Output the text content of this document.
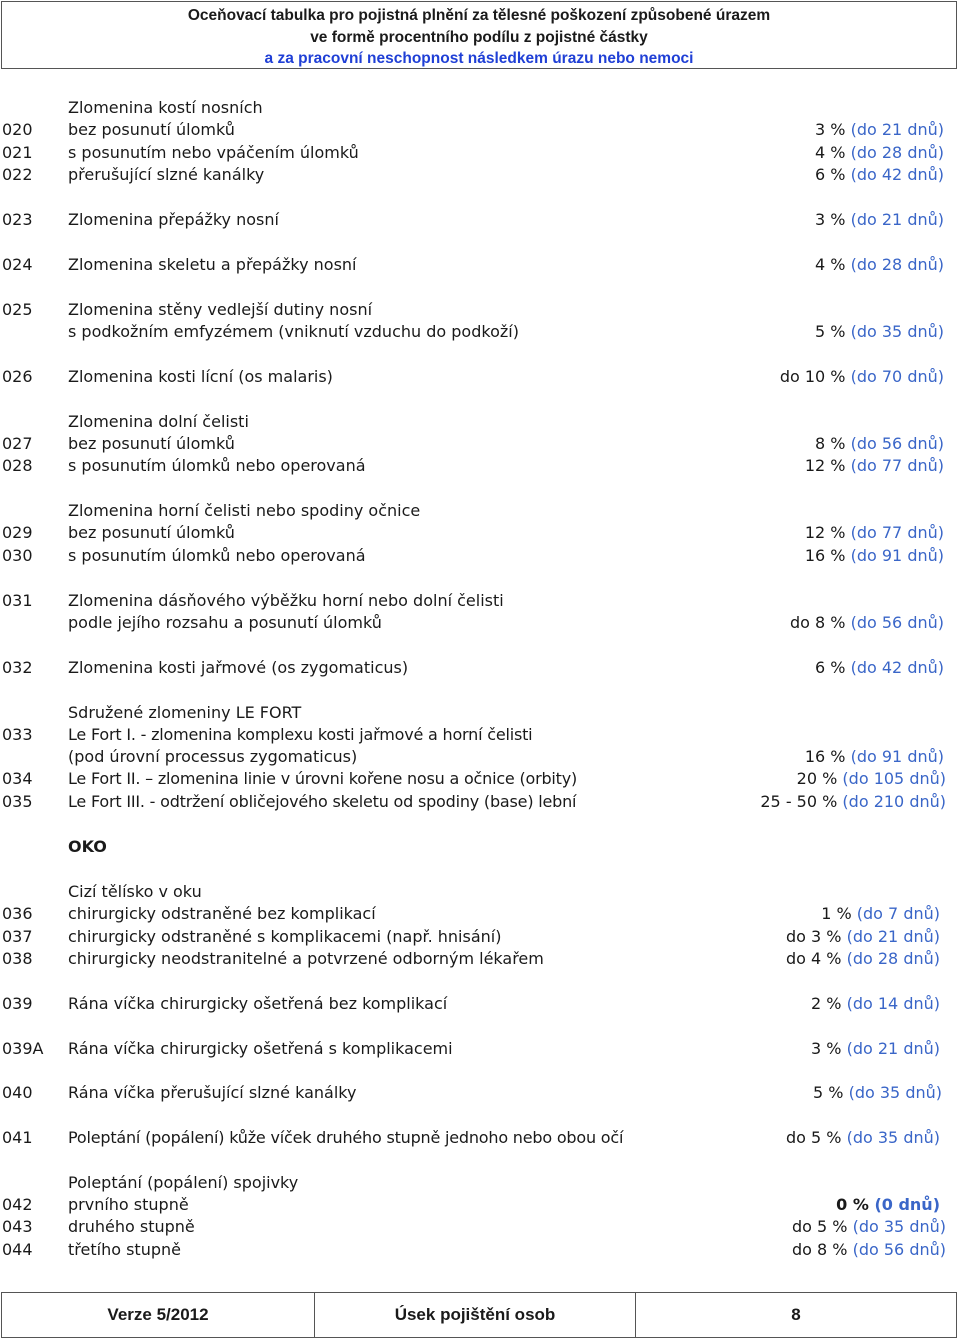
Oceňovací tabulka pro pojistná plnění za tělesné poškození způsobené úrazem
ve formě procentního podílu z pojistné částky
a za pracovní neschopnost následkem úrazu nebo nemoci
Zlomenina kostí nosních
020 bez posunutí úlomků	3 % (do 21 dnů)
021 s posunutím nebo vpáčením úlomků	4 % (do 28 dnů)
022 přerušující slzné kanálky	6 % (do 42 dnů)
023 Zlomenina přepážky nosní	3 % (do 21 dnů)
024 Zlomenina skeletu a přepážky nosní	4 % (do 28 dnů)
025 Zlomenina stěny vedlejší dutiny nosní
s podkožním emfyzémem (vniknutí vzduchu do podkoží)	5 % (do 35 dnů)
026 Zlomenina kosti lícní (os malaris)	do 10 % (do 70 dnů)
Zlomenina dolní čelisti
027 bez posunutí úlomků	8 % (do 56 dnů)
028 s posunutím úlomků nebo operovaná	12 % (do 77 dnů)
Zlomenina horní čelisti nebo spodiny očnice
029 bez posunutí úlomků	12 % (do 77 dnů)
030 s posunutím úlomků nebo operovaná	16 % (do 91 dnů)
031 Zlomenina dásňového výběžku horní nebo dolní čelisti
podle jejího rozsahu a posunutí úlomků	do 8 % (do 56 dnů)
032 Zlomenina kosti jařmové (os zygomaticus)	6 % (do 42 dnů)
Sdružené zlomeniny LE FORT
033 Le Fort I. - zlomenina komplexu kosti jařmové a horní čelisti
(pod úrovní processus zygomaticus)	16 % (do 91 dnů)
034 Le Fort II. – zlomenina linie v úrovni kořene nosu a očnice (orbity)	20 % (do 105 dnů)
035 Le Fort III. - odtržení obličejového skeletu od spodiny (base) lební	25 - 50 % (do 210 dnů)
OKO
Cizí tělísko v oku
036 chirurgicky odstraněné bez komplikací	1 % (do 7 dnů)
037 chirurgicky odstraněné s komplikacemi (např. hnisání)	do 3 % (do 21 dnů)
038 chirurgicky neodstranitelné a potvrzené odborným lékařem	do 4 % (do 28 dnů)
039 Rána víčka chirurgicky ošetřená bez komplikací	2 % (do 14 dnů)
039A Rána víčka chirurgicky ošetřená s komplikacemi	3 % (do 21 dnů)
040 Rána víčka přerušující slzné kanálky	5 % (do 35 dnů)
041 Poleptání (popálení) kůže víček druhého stupně jednoho nebo obou očí	do 5 % (do 35 dnů)
Poleptání (popálení) spojivky
042 prvního stupně	0 % (0 dnů)
043 druhého stupně	do 5 % (do 35 dnů)
044 třetího stupně	do 8 % (do 56 dnů)
Verze 5/2012	Úsek pojištění osob	8
